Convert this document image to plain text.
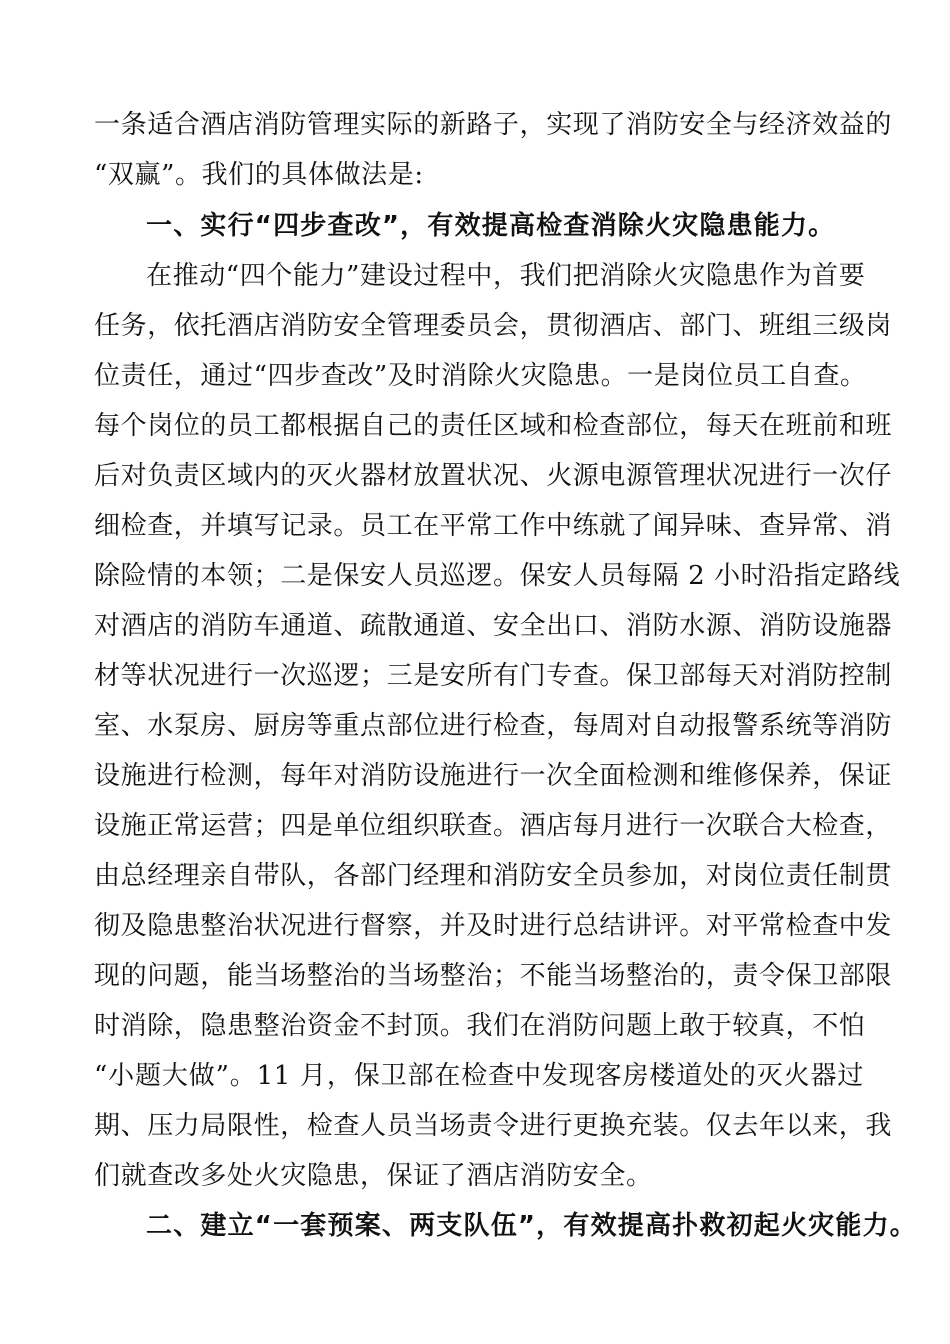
一条适合酒店消防管理实际的新路子，实现了消防安全与经济效益的
“双赢”。我们的具体做法是:
一、实行“四步查改”，有效提高检查消除火灾隐患能力。
在推动“四个能力”建设过程中，我们把消除火灾隐患作为首要
任务，依托酒店消防安全管理委员会，贯彻酒店、部门、班组三级岗
位责任，通过“四步查改”及时消除火灾隐患。一是岗位员工自查。
每个岗位的员工都根据自己的责任区域和检查部位，每天在班前和班
后对负责区域内的灭火器材放置状况、火源电源管理状况进行一次仔
细检查，并填写记录。员工在平常工作中练就了闻异味、查异常、消
除险情的本领；二是保安人员巡逻。保安人员每隔 2 小时沿指定路线
对酒店的消防车通道、疏散通道、安全出口、消防水源、消防设施器
材等状况进行一次巡逻；三是安所有门专查。保卫部每天对消防控制
室、水泵房、厨房等重点部位进行检查，每周对自动报警系统等消防
设施进行检测，每年对消防设施进行一次全面检测和维修保养，保证
设施正常运营；四是单位组织联查。酒店每月进行一次联合大检查，
由总经理亲自带队，各部门经理和消防安全员参加，对岗位责任制贯
彻及隐患整治状况进行督察，并及时进行总结讲评。对平常检查中发
现的问题，能当场整治的当场整治；不能当场整治的，责令保卫部限
时消除，隐患整治资金不封顶。我们在消防问题上敢于较真，不怕
“小题大做”。11 月，保卫部在检查中发现客房楼道处的灭火器过
期、压力局限性，检查人员当场责令进行更换充装。仅去年以来，我
们就查改多处火灾隐患，保证了酒店消防安全。
二、建立“一套预案、两支队伍”，有效提高扑救初起火灾能力。
